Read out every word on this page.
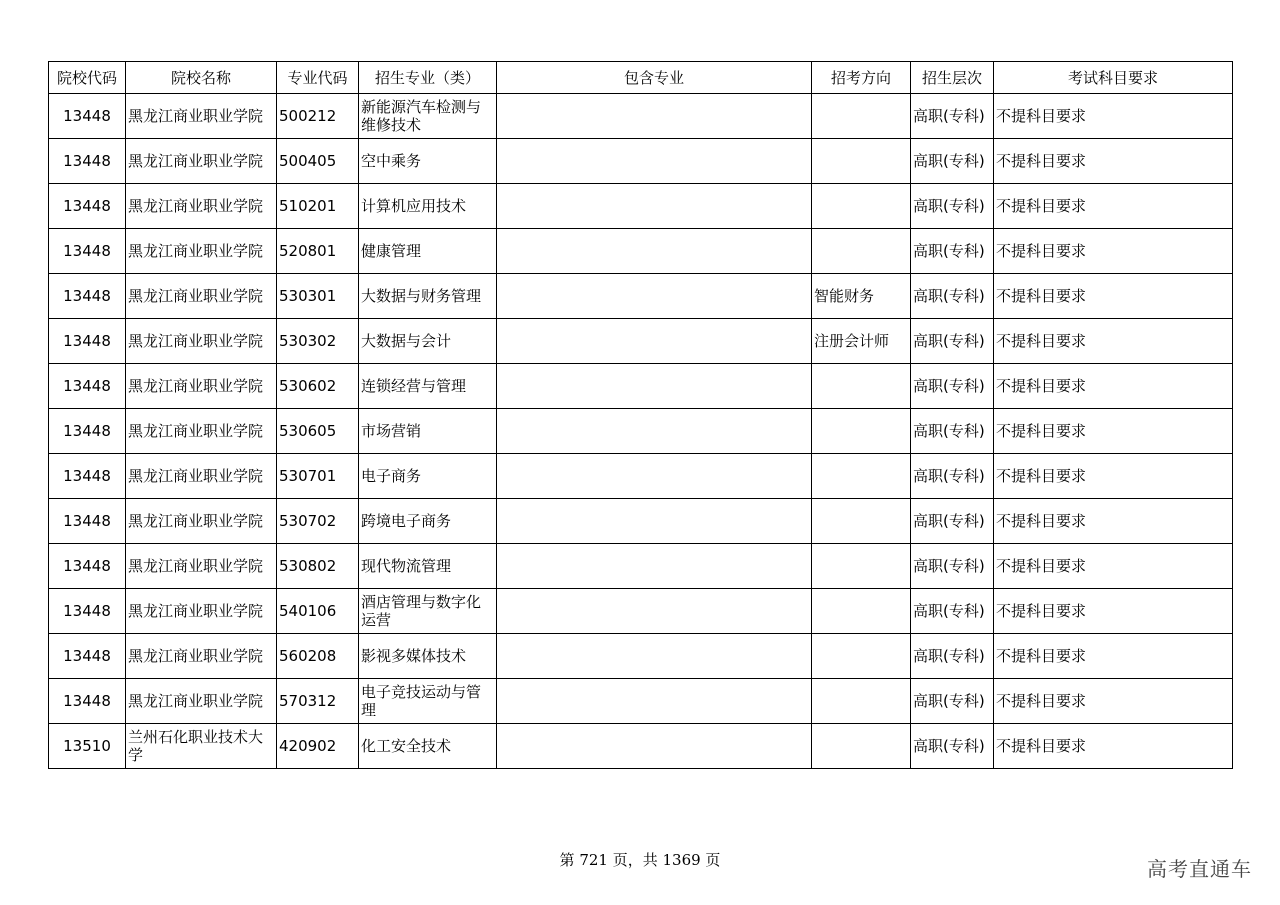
院校代码	院校名称	专业代码	招生专业（类）	包含专业	招考方向	招生层次	考试科目要求
13448	黑龙江商业职业学院	500212	新能源汽车检测与维修技术			高职(专科)	不提科目要求
13448	黑龙江商业职业学院	500405	空中乘务			高职(专科)	不提科目要求
13448	黑龙江商业职业学院	510201	计算机应用技术			高职(专科)	不提科目要求
13448	黑龙江商业职业学院	520801	健康管理			高职(专科)	不提科目要求
13448	黑龙江商业职业学院	530301	大数据与财务管理		智能财务	高职(专科)	不提科目要求
13448	黑龙江商业职业学院	530302	大数据与会计		注册会计师	高职(专科)	不提科目要求
13448	黑龙江商业职业学院	530602	连锁经营与管理			高职(专科)	不提科目要求
13448	黑龙江商业职业学院	530605	市场营销			高职(专科)	不提科目要求
13448	黑龙江商业职业学院	530701	电子商务			高职(专科)	不提科目要求
13448	黑龙江商业职业学院	530702	跨境电子商务			高职(专科)	不提科目要求
13448	黑龙江商业职业学院	530802	现代物流管理			高职(专科)	不提科目要求
13448	黑龙江商业职业学院	540106	酒店管理与数字化运营			高职(专科)	不提科目要求
13448	黑龙江商业职业学院	560208	影视多媒体技术			高职(专科)	不提科目要求
13448	黑龙江商业职业学院	570312	电子竞技运动与管理			高职(专科)	不提科目要求
13510	兰州石化职业技术大学	420902	化工安全技术			高职(专科)	不提科目要求
第 721 页，共 1369 页	高考直通车
